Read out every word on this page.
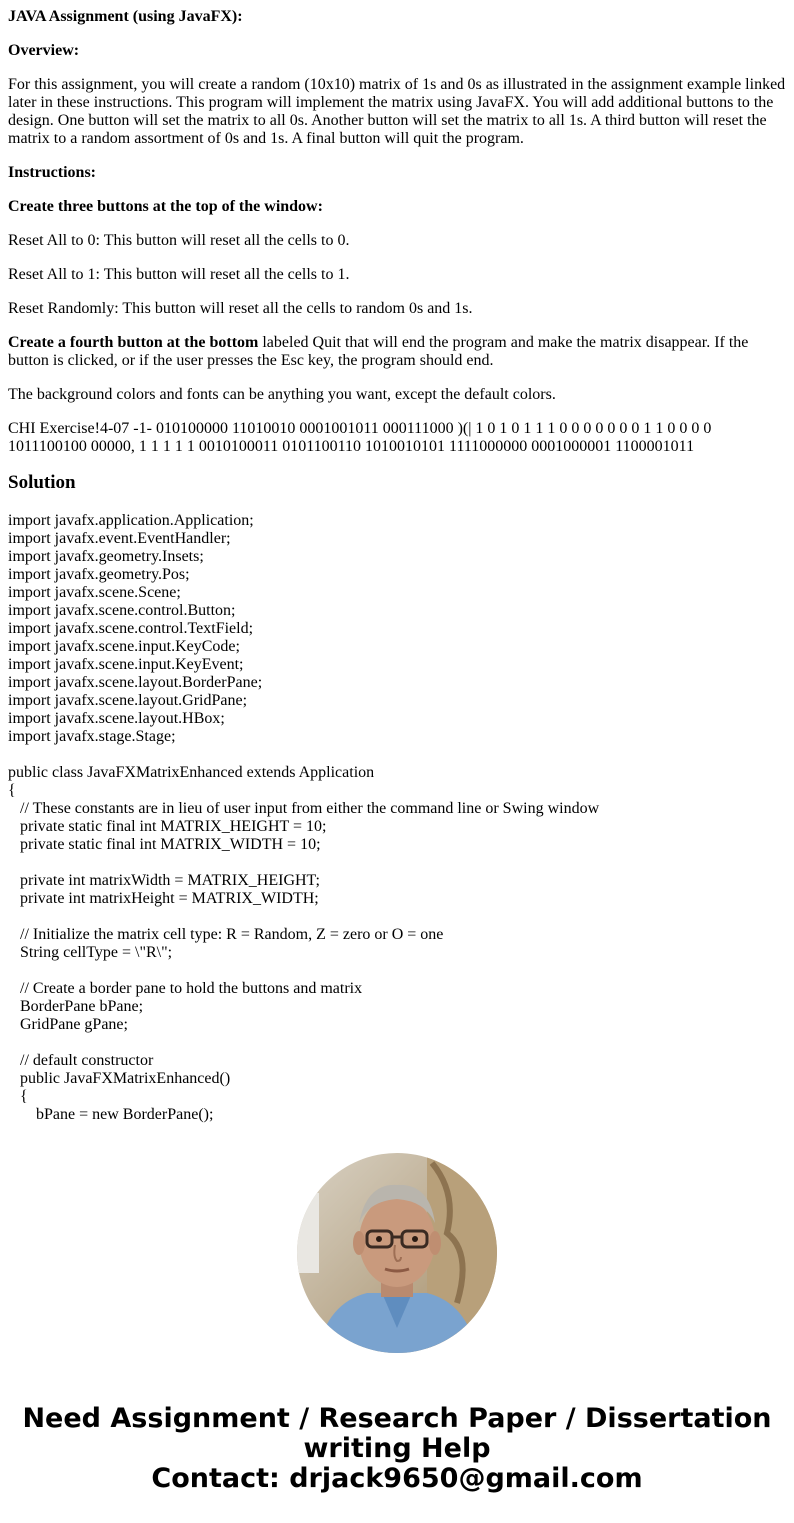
JAVA Assignment (using JavaFX):

Overview:

For this assignment, you will create a random (10x10) matrix of 1s and 0s as illustrated in the assignment example linked later in these instructions. This program will implement the matrix using JavaFX. You will add additional buttons to the design. One button will set the matrix to all 0s. Another button will set the matrix to all 1s. A third button will reset the matrix to a random assortment of 0s and 1s. A final button will quit the program.

Instructions:

Create three buttons at the top of the window:

Reset All to 0: This button will reset all the cells to 0.

Reset All to 1: This button will reset all the cells to 1.

Reset Randomly: This button will reset all the cells to random 0s and 1s.

Create a fourth button at the bottom labeled Quit that will end the program and make the matrix disappear. If the button is clicked, or if the user presses the Esc key, the program should end.

The background colors and fonts can be anything you want, except the default colors.

CHI Exercise!4-07 -1- 010100000 11010010 0001001011 000111000 )(| 1 0 1 0 1 1 1 0 0 0 0 0 0 0 1 1 0 0 0 0 1011100100 00000, 1 1 1 1 1 0010100011 0101100110 1010010101 1111000000 0001000001 1100001011

Solution
import javafx.application.Application;
import javafx.event.EventHandler;
import javafx.geometry.Insets;
import javafx.geometry.Pos;
import javafx.scene.Scene;
import javafx.scene.control.Button;
import javafx.scene.control.TextField;
import javafx.scene.input.KeyCode;
import javafx.scene.input.KeyEvent;
import javafx.scene.layout.BorderPane;
import javafx.scene.layout.GridPane;
import javafx.scene.layout.HBox;
import javafx.stage.Stage;
public class JavaFXMatrixEnhanced extends Application
{
// These constants are in lieu of user input from either the command line or Swing window
private static final int MATRIX_HEIGHT = 10;
private static final int MATRIX_WIDTH = 10;

private int matrixWidth = MATRIX_HEIGHT;
private int matrixHeight = MATRIX_WIDTH;

// Initialize the matrix cell type: R = Random, Z = zero or O = one
String cellType = \"R\";

// Create a border pane to hold the buttons and matrix
BorderPane bPane;
GridPane gPane;

// default constructor
public JavaFXMatrixEnhanced()
{
bPane = new BorderPane();
Need Assignment / Research Paper / Dissertation
writing Help
Contact: drjack9650@gmail.com
